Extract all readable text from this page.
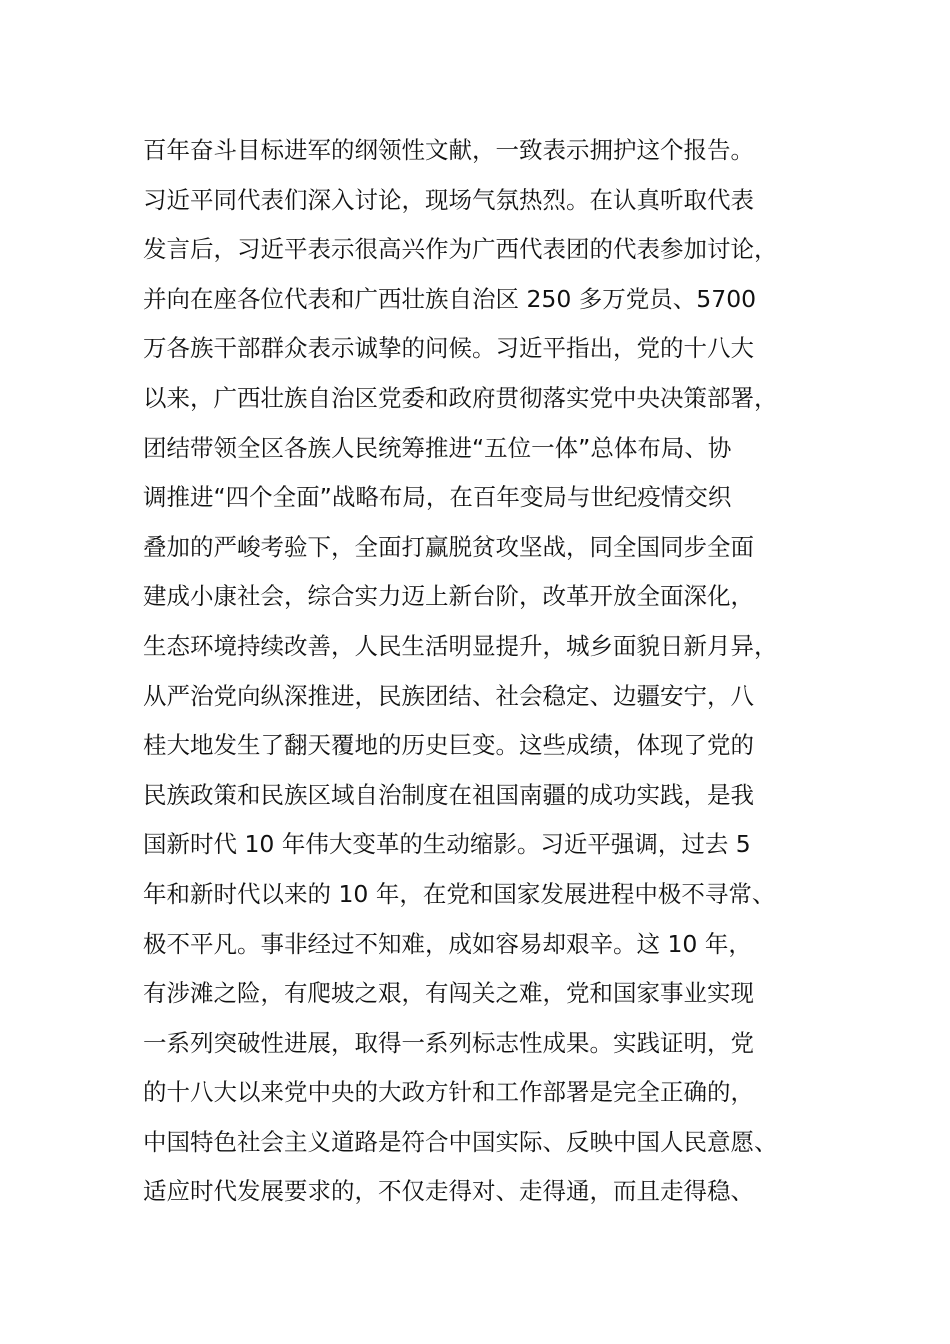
百年奋斗目标进军的纲领性文献，一致表示拥护这个报告。
习近平同代表们深入讨论，现场气氛热烈。在认真听取代表
发言后，习近平表示很高兴作为广西代表团的代表参加讨论，
并向在座各位代表和广西壮族自治区 250 多万党员、5700
万各族干部群众表示诚挚的问候。习近平指出，党的十八大
以来，广西壮族自治区党委和政府贯彻落实党中央决策部署，
团结带领全区各族人民统筹推进“五位一体”总体布局、协
调推进“四个全面”战略布局，在百年变局与世纪疫情交织
叠加的严峻考验下，全面打赢脱贫攻坚战，同全国同步全面
建成小康社会，综合实力迈上新台阶，改革开放全面深化，
生态环境持续改善，人民生活明显提升，城乡面貌日新月异，
从严治党向纵深推进，民族团结、社会稳定、边疆安宁，八
桂大地发生了翻天覆地的历史巨变。这些成绩，体现了党的
民族政策和民族区域自治制度在祖国南疆的成功实践，是我
国新时代 10 年伟大变革的生动缩影。习近平强调，过去 5
年和新时代以来的 10 年，在党和国家发展进程中极不寻常、
极不平凡。事非经过不知难，成如容易却艰辛。这 10 年，
有涉滩之险，有爬坡之艰，有闯关之难，党和国家事业实现
一系列突破性进展，取得一系列标志性成果。实践证明，党
的十八大以来党中央的大政方针和工作部署是完全正确的，
中国特色社会主义道路是符合中国实际、反映中国人民意愿、
适应时代发展要求的，不仅走得对、走得通，而且走得稳、
